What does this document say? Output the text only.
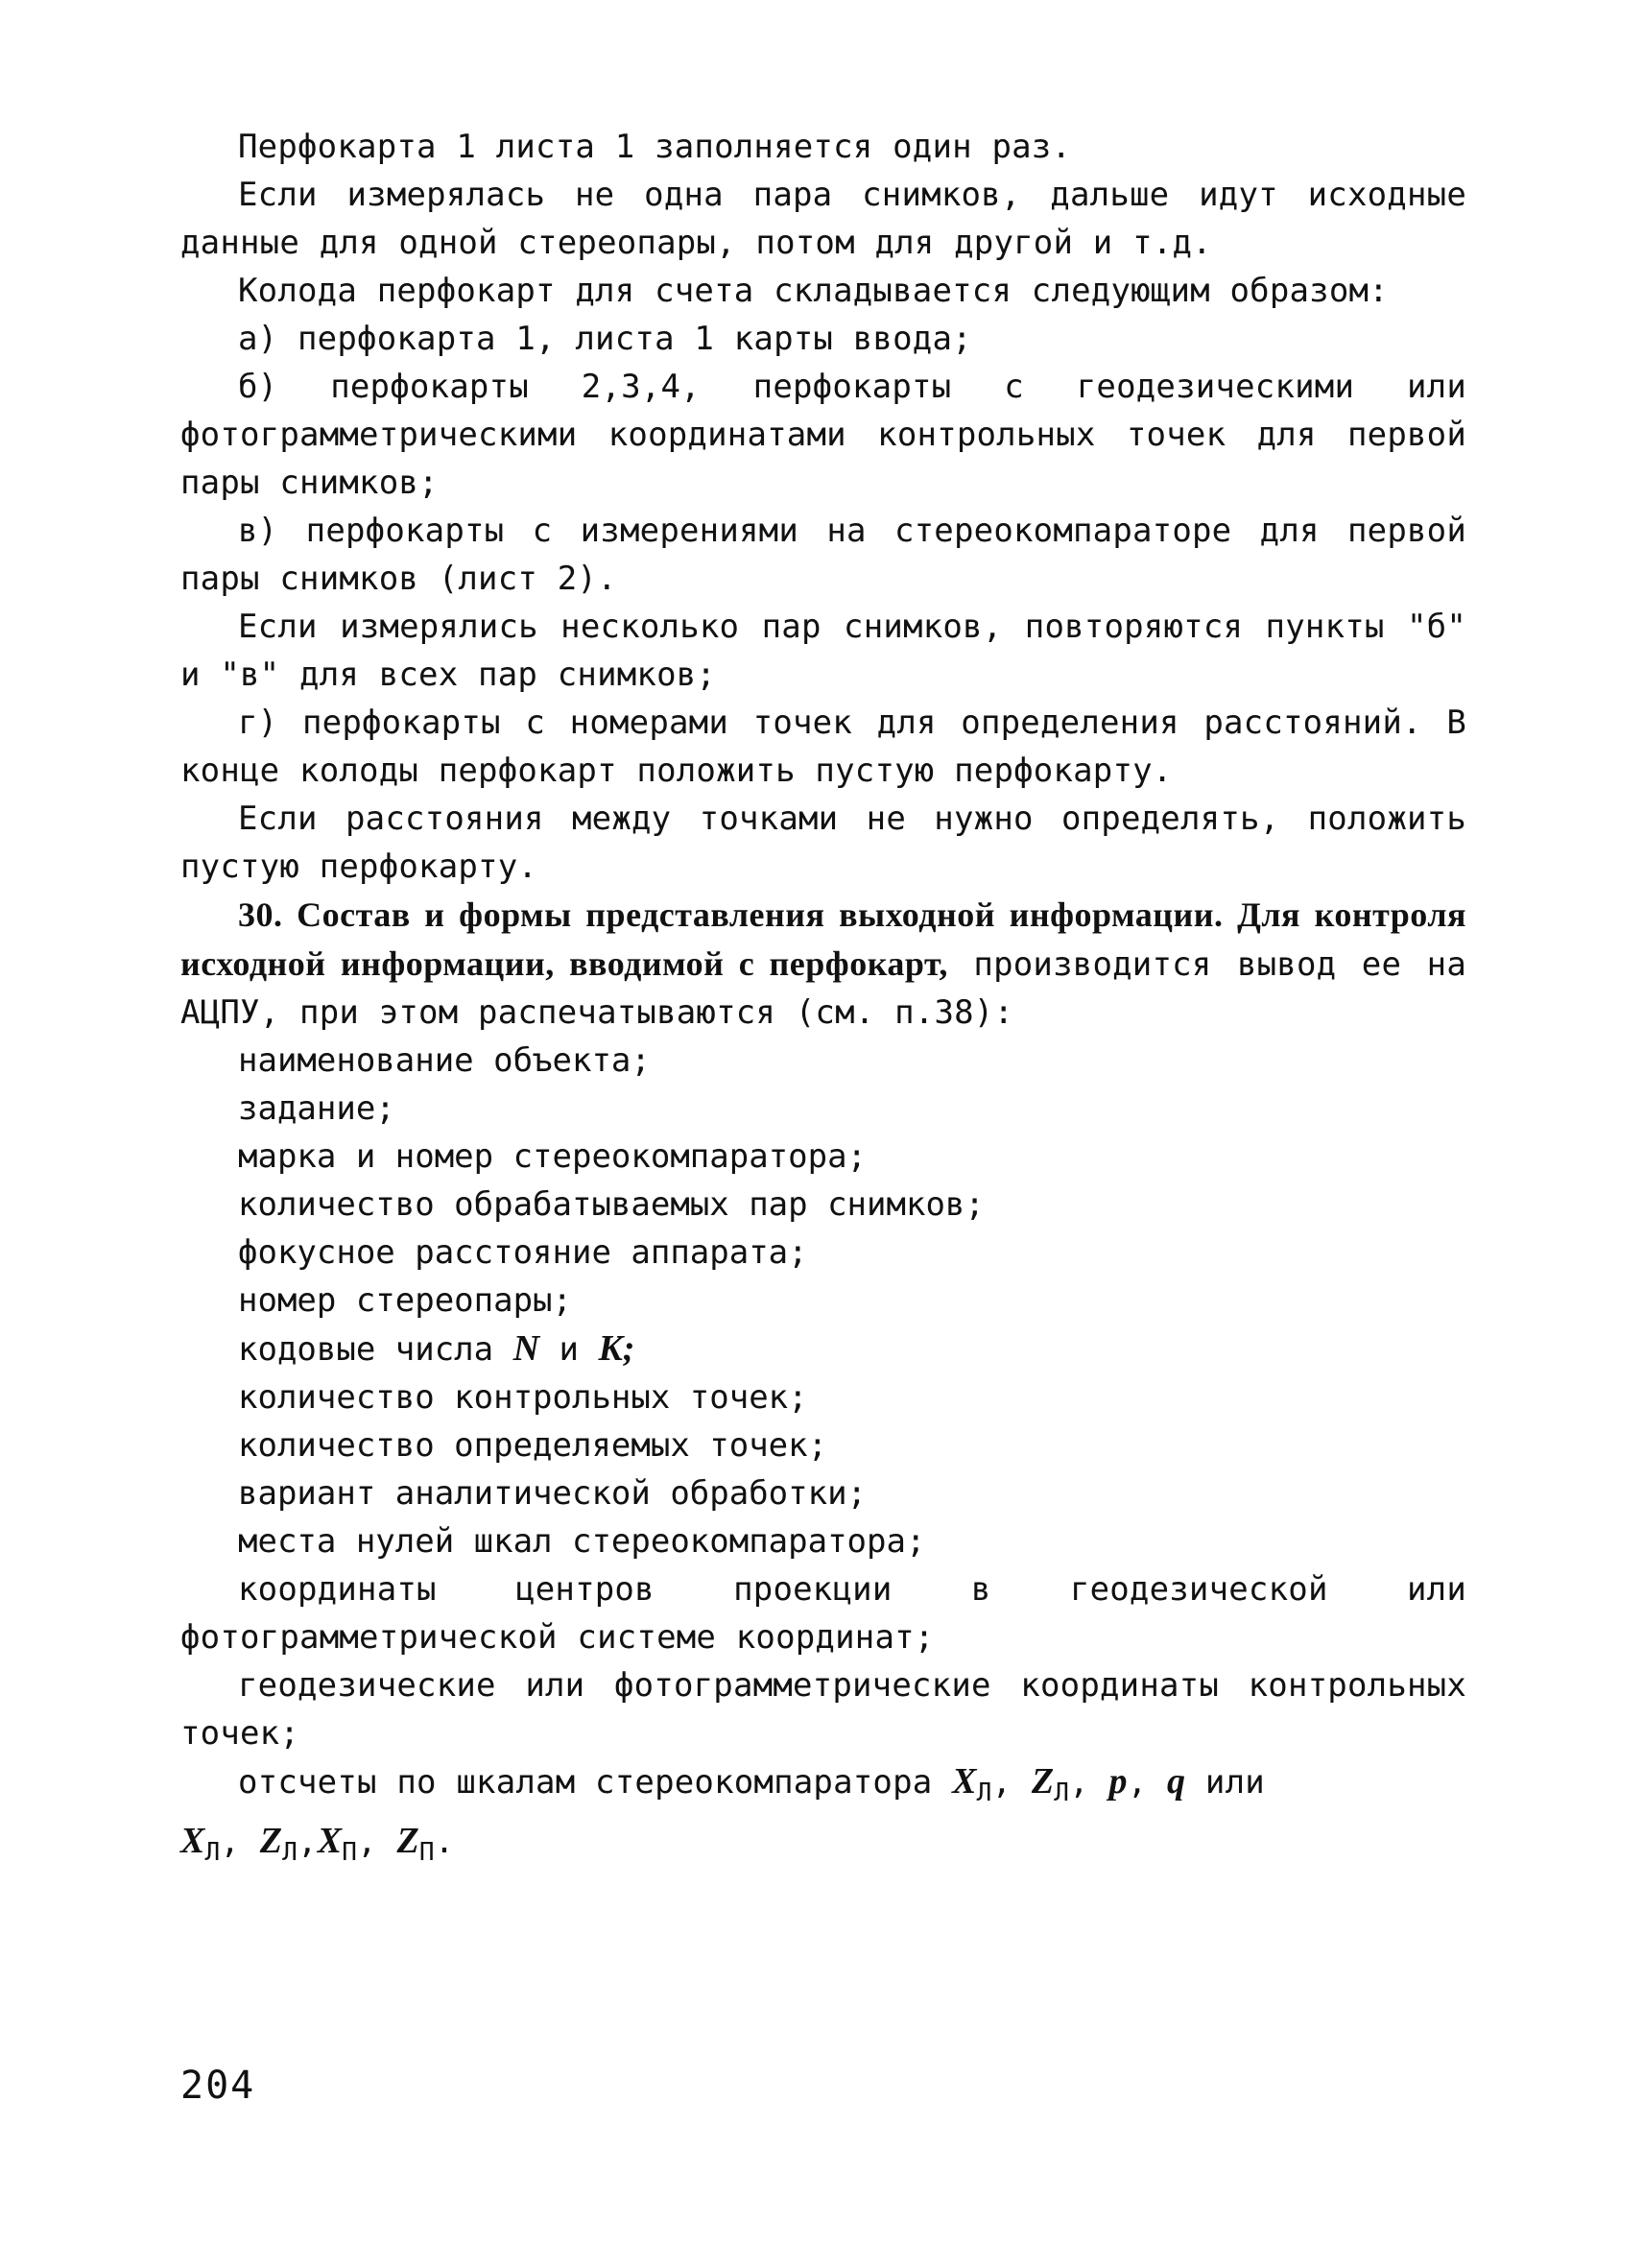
Перфокарта 1 листа 1 заполняется один раз.

Если измерялась не одна пара снимков, дальше идут исходные данные для одной стереопары, потом для другой и т.д.

Колода перфокарт для счета складывается следующим образом:

а) перфокарта 1, листа 1 карты ввода;

б) перфокарты 2,3,4, перфокарты с геодезическими или фотограмметрическими координатами контрольных точек для первой пары снимков;

в) перфокарты с измерениями на стереокомпараторе для первой пары снимков (лист 2).

Если измерялись несколько пар снимков, повторяются пункты "б" и "в" для всех пар снимков;

г) перфокарты с номерами точек для определения расстояний. В конце колоды перфокарт положить пустую перфокарту.

Если расстояния между точками не нужно определять, положить пустую перфокарту.

30. Состав и формы представления выходной информации. Для контроля исходной информации, вводимой с перфокарт, производится вывод ее на АЦПУ, при этом распечатываются (см. п.38):

наименование объекта;

задание;

марка и номер стереокомпаратора;

количество обрабатываемых пар снимков;

фокусное расстояние аппарата;

номер стереопары;

кодовые числа N и K;

количество контрольных точек;

количество определяемых точек;

вариант аналитической обработки;

места нулей шкал стереокомпаратора;

координаты центров проекции в геодезической или фотограмметрической системе координат;

геодезические или фотограмметрические координаты контрольных точек;

отсчеты по шкалам стереокомпаратора $X_Л$, $Z_Л$, p, q или
$X_Л$, $Z_Л,X_П$, $Z_П$.

204
